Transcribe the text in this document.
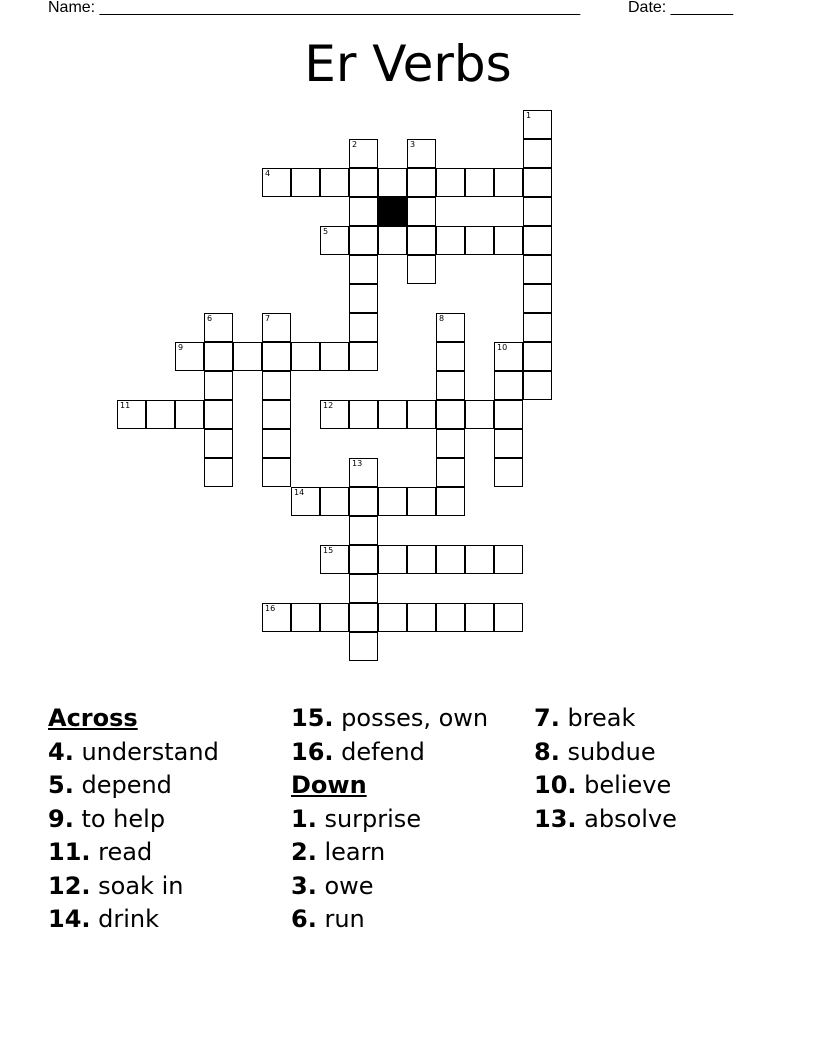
Name: ______________________________________________________	Date: _______
Er Verbs
1
2	3
4
5
6	7	8
9	10
11	12
13
14
15
16
Across
4. understand
5. depend
9. to help
11. read
12. soak in
14. drink
15. posses, own
16. defend
Down
1. surprise
2. learn
3. owe
6. run
7. break
8. subdue
10. believe
13. absolve
